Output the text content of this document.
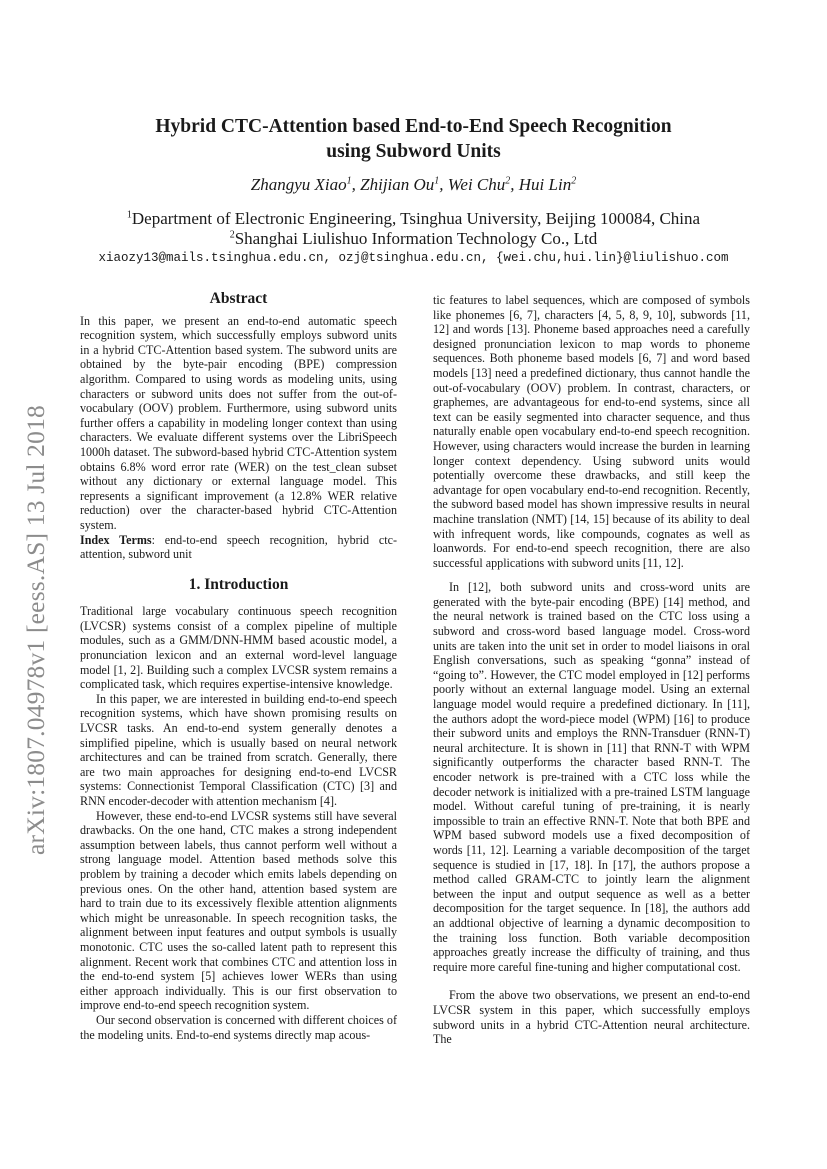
arXiv:1807.04978v1 [eess.AS] 13 Jul 2018
Hybrid CTC-Attention based End-to-End Speech Recognition
using Subword Units
Zhangyu Xiao$^1$, Zhijian Ou$^1$, Wei Chu$^2$, Hui Lin$^2$
$^1$Department of Electronic Engineering, Tsinghua University, Beijing 100084, China
$^2$Shanghai Liulishuo Information Technology Co., Ltd
xiaozy13@mails.tsinghua.edu.cn, ozj@tsinghua.edu.cn, {wei.chu,hui.lin}@liulishuo.com
Abstract

In this paper, we present an end-to-end automatic speech recognition system, which successfully employs subword units in a hybrid CTC-Attention based system. The subword units are obtained by the byte-pair encoding (BPE) compression algorithm. Compared to using words as modeling units, using characters or subword units does not suffer from the out-of-vocabulary (OOV) problem. Furthermore, using subword units further offers a capability in modeling longer context than using characters. We evaluate different systems over the LibriSpeech 1000h dataset. The subword-based hybrid CTC-Attention system obtains 6.8% word error rate (WER) on the test_clean subset without any dictionary or external language model. This represents a significant improvement (a 12.8% WER relative reduction) over the character-based hybrid CTC-Attention system.

Index Terms: end-to-end speech recognition, hybrid ctc-attention, subword unit

1. Introduction

Traditional large vocabulary continuous speech recognition (LVCSR) systems consist of a complex pipeline of multiple modules, such as a GMM/DNN-HMM based acoustic model, a pronunciation lexicon and an external word-level language model [1, 2]. Building such a complex LVCSR system remains a complicated task, which requires expertise-intensive knowledge.

In this paper, we are interested in building end-to-end speech recognition systems, which have shown promising results on LVCSR tasks. An end-to-end system generally denotes a simplified pipeline, which is usually based on neural network architectures and can be trained from scratch. Generally, there are two main approaches for designing end-to-end LVCSR systems: Connectionist Temporal Classification (CTC) [3] and RNN encoder-decoder with attention mechanism [4].

However, these end-to-end LVCSR systems still have several drawbacks. On the one hand, CTC makes a strong independent assumption between labels, thus cannot perform well without a strong language model. Attention based methods solve this problem by training a decoder which emits labels depending on previous ones. On the other hand, attention based system are hard to train due to its excessively flexible attention alignments which might be unreasonable. In speech recognition tasks, the alignment between input features and output symbols is usually monotonic. CTC uses the so-called latent path to represent this alignment. Recent work that combines CTC and attention loss in the end-to-end system [5] achieves lower WERs than using either approach individually. This is our first observation to improve end-to-end speech recognition system.

Our second observation is concerned with different choices of the modeling units. End-to-end systems directly map acous-

tic features to label sequences, which are composed of symbols like phonemes [6, 7], characters [4, 5, 8, 9, 10], subwords [11, 12] and words [13]. Phoneme based approaches need a carefully designed pronunciation lexicon to map words to phoneme sequences. Both phoneme based models [6, 7] and word based models [13] need a predefined dictionary, thus cannot handle the out-of-vocabulary (OOV) problem. In contrast, characters, or graphemes, are advantageous for end-to-end systems, since all text can be easily segmented into character sequence, and thus naturally enable open vocabulary end-to-end speech recognition. However, using characters would increase the burden in learning longer context dependency. Using subword units would potentially overcome these drawbacks, and still keep the advantage for open vocabulary end-to-end recognition. Recently, the subword based model has shown impressive results in neural machine translation (NMT) [14, 15] because of its ability to deal with infrequent words, like compounds, cognates as well as loanwords. For end-to-end speech recognition, there are also successful applications with subword units [11, 12].

In [12], both subword units and cross-word units are generated with the byte-pair encoding (BPE) [14] method, and the neural network is trained based on the CTC loss using a subword and cross-word based language model. Cross-word units are taken into the unit set in order to model liaisons in oral English conversations, such as speaking “gonna” instead of “going to”. However, the CTC model employed in [12] performs poorly without an external language model. Using an external language model would require a predefined dictionary. In [11], the authors adopt the word-piece model (WPM) [16] to produce their subword units and employs the RNN-Transduer (RNN-T) neural architecture. It is shown in [11] that RNN-T with WPM significantly outperforms the character based RNN-T. The encoder network is pre-trained with a CTC loss while the decoder network is initialized with a pre-trained LSTM language model. Without careful tuning of pre-training, it is nearly impossible to train an effective RNN-T. Note that both BPE and WPM based subword models use a fixed decomposition of words [11, 12]. Learning a variable decomposition of the target sequence is studied in [17, 18]. In [17], the authors propose a method called GRAM-CTC to jointly learn the alignment between the input and output sequence as well as a better decomposition for the target sequence. In [18], the authors add an addtional objective of learning a dynamic decomposition to the training loss function. Both variable decomposition approaches greatly increase the difficulty of training, and thus require more careful fine-tuning and higher computational cost.

From the above two observations, we present an end-to-end LVCSR system in this paper, which successfully employs subword units in a hybrid CTC-Attention neural architecture. The
